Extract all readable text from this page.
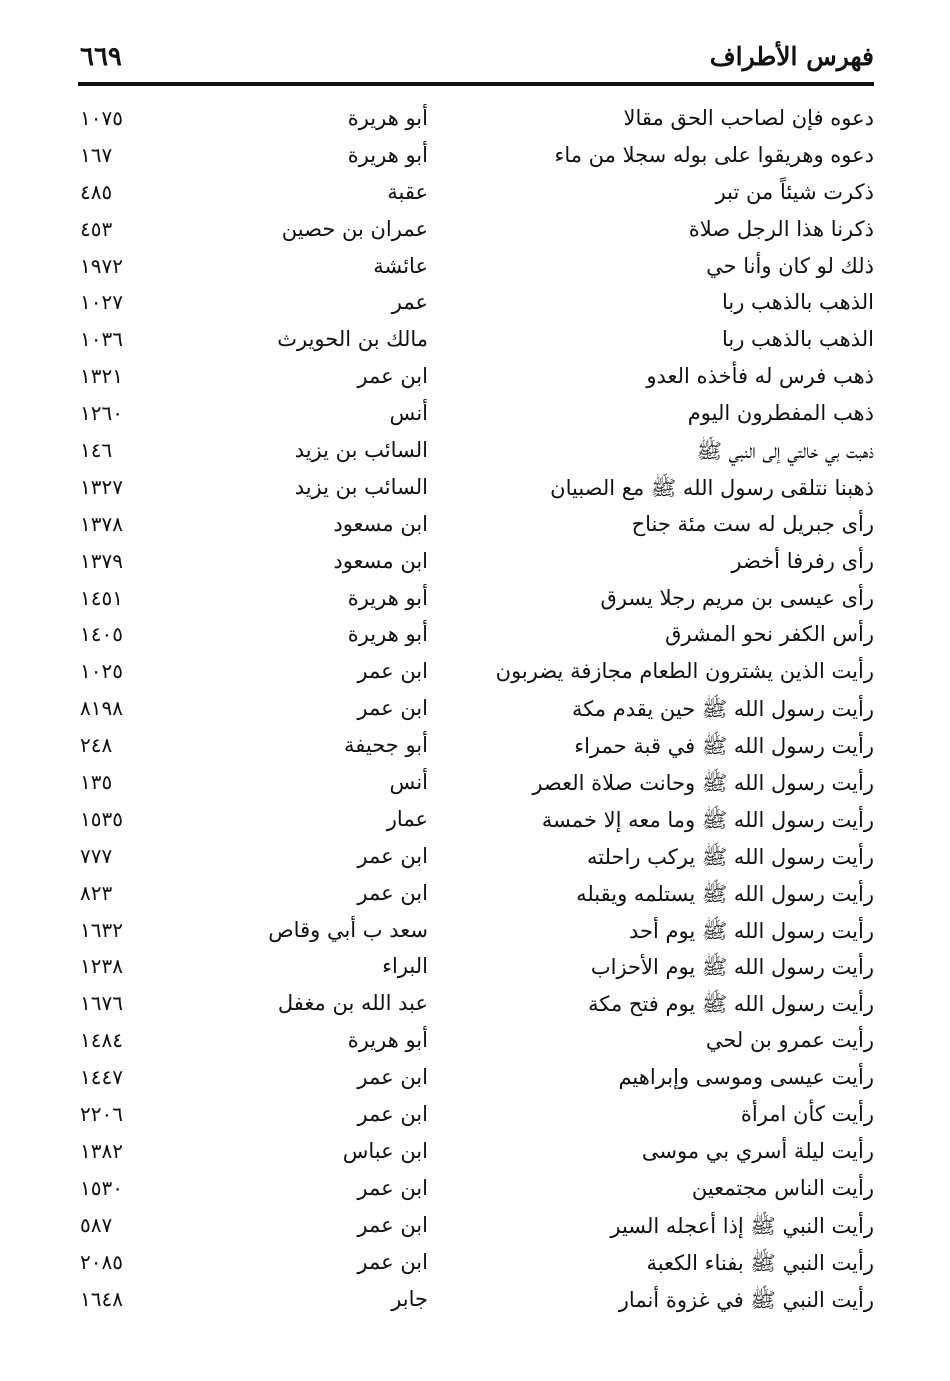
فهرس الأطراف
٦٦٩
دعوه فإن لصاحب الحق مقالا
أبو هريرة
١٠٧٥
دعوه وهريقوا على بوله سجلا من ماء
أبو هريرة
١٦٧
ذكرت شيئاً من تبر
عقبة
٤٨٥
ذكرنا هذا الرجل صلاة
عمران بن حصين
٤٥٣
ذلك لو كان وأنا حي
عائشة
١٩٧٢
الذهب بالذهب ربا
عمر
١٠٢٧
الذهب بالذهب ربا
مالك بن الحويرث
١٠٣٦
ذهب فرس له فأخذه العدو
ابن عمر
١٣٢١
ذهب المفطرون اليوم
أنس
١٢٦٠
ذهبت بي خالتي إلى النبي ﷺ
السائب بن يزيد
١٤٦
ذهبنا نتلقى رسول الله ﷺ مع الصبيان
السائب بن يزيد
١٣٢٧
رأى جبريل له ست مئة جناح
ابن مسعود
١٣٧٨
رأى رفرفا أخضر
ابن مسعود
١٣٧٩
رأى عيسى بن مريم رجلا يسرق
أبو هريرة
١٤٥١
رأس الكفر نحو المشرق
أبو هريرة
١٤٠٥
رأيت الذين يشترون الطعام مجازفة يضربون
ابن عمر
١٠٢٥
رأيت رسول الله ﷺ حين يقدم مكة
ابن عمر
٨١٩٨
رأيت رسول الله ﷺ في قبة حمراء
أبو جحيفة
٢٤٨
رأيت رسول الله ﷺ وحانت صلاة العصر
أنس
١٣٥
رأيت رسول الله ﷺ وما معه إلا خمسة
عمار
١٥٣٥
رأيت رسول الله ﷺ يركب راحلته
ابن عمر
٧٧٧
رأيت رسول الله ﷺ يستلمه ويقبله
ابن عمر
٨٢٣
رأيت رسول الله ﷺ يوم أحد
سعد ب أبي وقاص
١٦٣٢
رأيت رسول الله ﷺ يوم الأحزاب
البراء
١٢٣٨
رأيت رسول الله ﷺ يوم فتح مكة
عبد الله بن مغفل
١٦٧٦
رأيت عمرو بن لحي
أبو هريرة
١٤٨٤
رأيت عيسى وموسى وإبراهيم
ابن عمر
١٤٤٧
رأيت كأن امرأة
ابن عمر
٢٢٠٦
رأيت ليلة أسري بي موسى
ابن عباس
١٣٨٢
رأيت الناس مجتمعين
ابن عمر
١٥٣٠
رأيت النبي ﷺ إذا أعجله السير
ابن عمر
٥٨٧
رأيت النبي ﷺ بفناء الكعبة
ابن عمر
٢٠٨٥
رأيت النبي ﷺ في غزوة أنمار
جابر
١٦٤٨
